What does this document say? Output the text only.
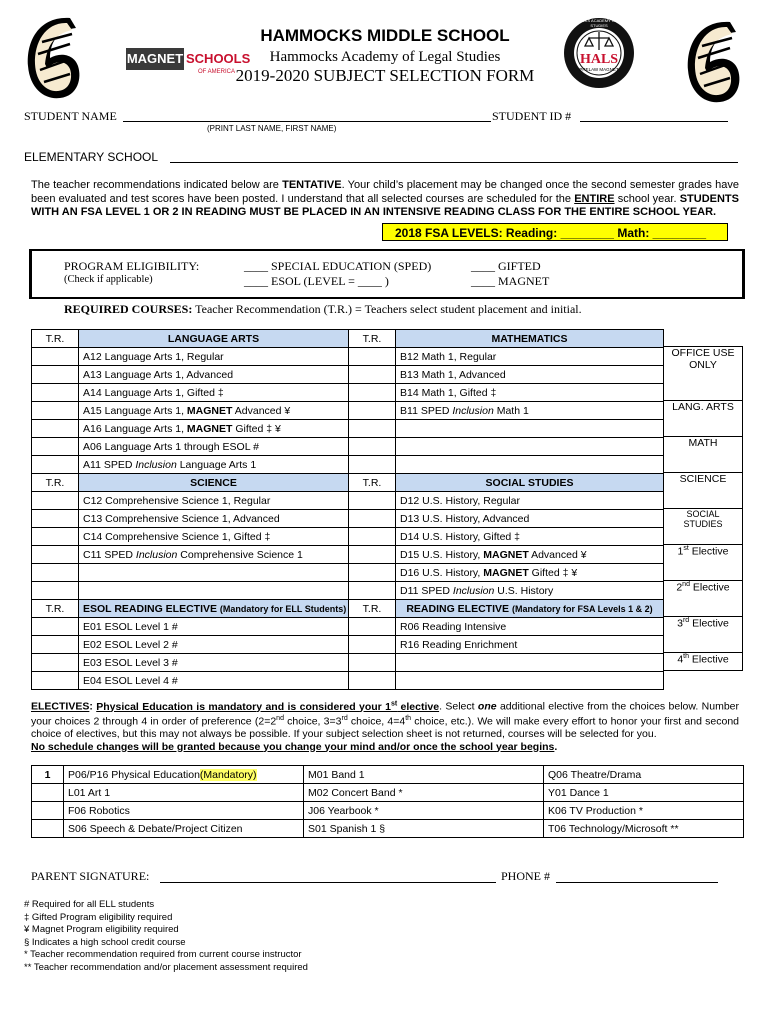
6
MAGNET SCHOOLS
OF AMERICA
HALS
PRELAW MAGNET
HAMMOCKS ACADEMY OF LEGAL STUDIES
HAMMOCKS MIDDLE SCHOOL
Hammocks Academy of Legal Studies
2019-2020 SUBJECT SELECTION FORM
STUDENT NAME	STUDENT ID #
(PRINT LAST NAME, FIRST NAME)
ELEMENTARY SCHOOL
The teacher recommendations indicated below are TENTATIVE. Your child’s placement may be changed once the second semester grades have been evaluated and test scores have been posted. I understand that all selected courses are scheduled for the ENTIRE school year. STUDENTS WITH AN FSA LEVEL 1 OR 2 IN READING MUST BE PLACED IN AN INTENSIVE READING CLASS FOR THE ENTIRE SCHOOL YEAR.
2018 FSA LEVELS: Reading: ________ Math: ________
PROGRAM ELIGIBILITY:
(Check if applicable)
____ SPECIAL EDUCATION (SPED)
____ ESOL (LEVEL = ____ )
____ GIFTED
____ MAGNET
REQUIRED COURSES: Teacher Recommendation (T.R.) = Teachers select student placement and initial.
T.R.	LANGUAGE ARTS	T.R.	MATHEMATICS
	A12 Language Arts 1, Regular		B12 Math 1, Regular
	A13 Language Arts 1, Advanced		B13 Math 1, Advanced
	A14 Language Arts 1, Gifted ‡		B14 Math 1, Gifted ‡
	A15 Language Arts 1, MAGNET Advanced ¥		B11 SPED Inclusion Math 1
	A16 Language Arts 1, MAGNET Gifted ‡ ¥		
	A06 Language Arts 1 through ESOL #		
	A11 SPED Inclusion Language Arts 1		
T.R.	SCIENCE	T.R.	SOCIAL STUDIES
	C12 Comprehensive Science 1, Regular		D12 U.S. History, Regular
	C13 Comprehensive Science 1, Advanced		D13 U.S. History, Advanced
	C14 Comprehensive Science 1, Gifted ‡		D14 U.S. History, Gifted ‡
	C11 SPED Inclusion Comprehensive Science 1		D15 U.S. History, MAGNET Advanced ¥
			D16 U.S. History, MAGNET Gifted ‡ ¥
			D11 SPED Inclusion U.S. History
T.R.	ESOL READING ELECTIVE (Mandatory for ELL Students)	T.R.	READING ELECTIVE (Mandatory for FSA Levels 1 & 2)
	E01 ESOL Level 1 #		R06 Reading Intensive
	E02 ESOL Level 2 #		R16 Reading Enrichment
	E03 ESOL Level 3 #		
	E04 ESOL Level 4 #		
OFFICE USE ONLY
LANG. ARTS
MATH
SCIENCE
SOCIAL STUDIES
1st Elective
2nd Elective
3rd Elective
4th Elective
ELECTIVES: Physical Education is mandatory and is considered your 1st elective. Select one additional elective from the choices below. Number your choices 2 through 4 in order of preference (2=2nd choice, 3=3rd choice, 4=4th choice, etc.). We will make every effort to honor your first and second choice of electives, but this may not always be possible. If your subject selection sheet is not returned, courses will be selected for you.
No schedule changes will be granted because you change your mind and/or once the school year begins.
1	P06/P16 Physical Education(Mandatory)	M01 Band 1	Q06 Theatre/Drama
	L01 Art 1	M02 Concert Band *	Y01 Dance 1
	F06 Robotics	J06 Yearbook *	K06 TV Production *
	S06 Speech & Debate/Project Citizen	S01 Spanish 1 §	T06 Technology/Microsoft **
PARENT SIGNATURE:	PHONE #
# Required for all ELL students
‡ Gifted Program eligibility required
¥ Magnet Program eligibility required
§ Indicates a high school credit course
* Teacher recommendation required from current course instructor
** Teacher recommendation and/or placement assessment required
